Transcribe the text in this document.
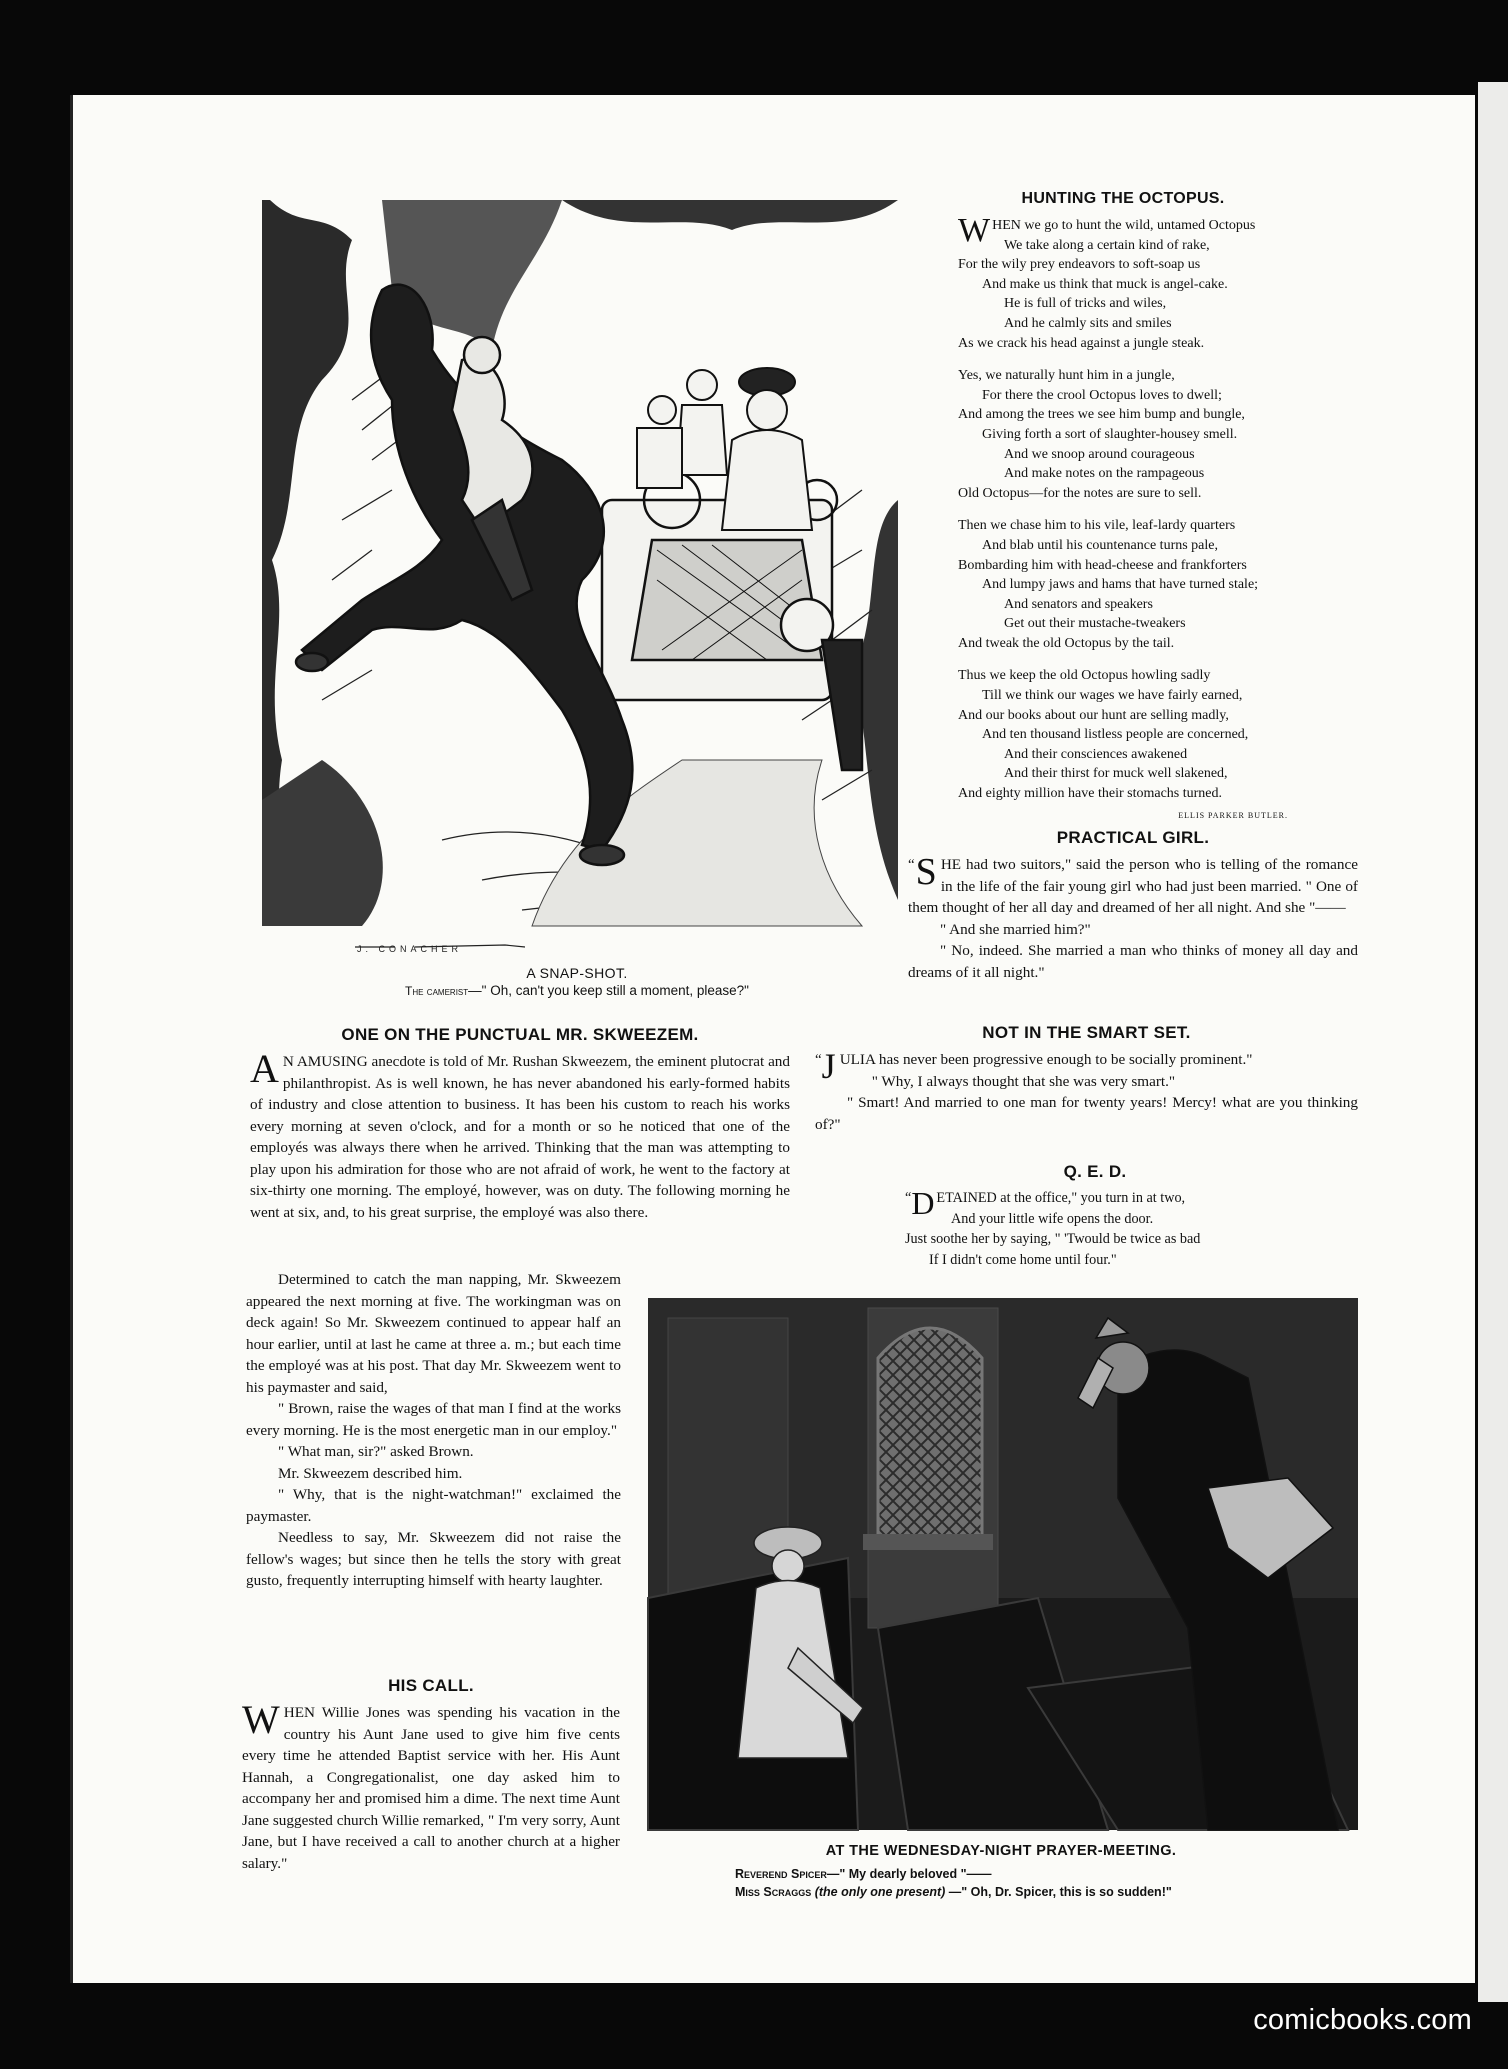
J. CONACHER
A SNAP-SHOT.
The camerist—" Oh, can't you keep still a moment, please?"
HUNTING THE OCTOPUS.

WHEN we go to hunt the wild, untamed Octopus

We take along a certain kind of rake,

For the wily prey endeavors to soft-soap us

And make us think that muck is angel-cake.

He is full of tricks and wiles,

And he calmly sits and smiles

As we crack his head against a jungle steak.

Yes, we naturally hunt him in a jungle,

For there the crool Octopus loves to dwell;

And among the trees we see him bump and bungle,

Giving forth a sort of slaughter-housey smell.

And we snoop around courageous

And make notes on the rampageous

Old Octopus—for the notes are sure to sell.

Then we chase him to his vile, leaf-lardy quarters

And blab until his countenance turns pale,

Bombarding him with head-cheese and frankforters

And lumpy jaws and hams that have turned stale;

And senators and speakers

Get out their mustache-tweakers

And tweak the old Octopus by the tail.

Thus we keep the old Octopus howling sadly

Till we think our wages we have fairly earned,

And our books about our hunt are selling madly,

And ten thousand listless people are concerned,

And their consciences awakened

And their thirst for muck well slakened,

And eighty million have their stomachs turned.

ELLIS PARKER BUTLER.
PRACTICAL GIRL.

“ S HE had two suitors," said the person who is telling of the romance in the life of the fair young girl who had just been married. " One of them thought of her all day and dreamed of her all night. And she "——

" And she married him?"

" No, indeed. She married a man who thinks of money all day and dreams of it all night."

NOT IN THE SMART SET.

“ J ULIA has never been progressive enough to be socially prominent."

" Why, I always thought that she was very smart."

" Smart! And married to one man for twenty years! Mercy! what are you thinking of?"

Q. E. D.

“ D ETAINED at the office," you turn in at two,

And your little wife opens the door.

Just soothe her by saying, " 'Twould be twice as bad

If I didn't come home until four."

ONE ON THE PUNCTUAL MR. SKWEEZEM.

A N AMUSING anecdote is told of Mr. Rushan Skweezem, the eminent plutocrat and philanthropist. As is well known, he has never abandoned his early-formed habits of industry and close attention to business. It has been his custom to reach his works every morning at seven o'clock, and for a month or so he noticed that one of the employés was always there when he arrived. Thinking that the man was attempting to play upon his admiration for those who are not afraid of work, he went to the factory at six-thirty one morning. The employé, however, was on duty. The following morning he went at six, and, to his great surprise, the employé was also there.

Determined to catch the man napping, Mr. Skweezem appeared the next morning at five. The workingman was on deck again! So Mr. Skweezem continued to appear half an hour earlier, until at last he came at three a. m.; but each time the employé was at his post. That day Mr. Skweezem went to his paymaster and said,

" Brown, raise the wages of that man I find at the works every morning. He is the most energetic man in our employ."

" What man, sir?" asked Brown.

Mr. Skweezem described him.

" Why, that is the night-watchman!" exclaimed the paymaster.

Needless to say, Mr. Skweezem did not raise the fellow's wages; but since then he tells the story with great gusto, frequently interrupting himself with hearty laughter.

HIS CALL.

WHEN Willie Jones was spending his vacation in the country his Aunt Jane used to give him five cents every time he attended Baptist service with her. His Aunt Hannah, a Congregationalist, one day asked him to accompany her and promised him a dime. The next time Aunt Jane suggested church Willie remarked, " I'm very sorry, Aunt Jane, but I have received a call to another church at a higher salary."

AT THE WEDNESDAY-NIGHT PRAYER-MEETING.
Reverend Spicer—" My dearly beloved "——
Miss Scraggs (the only one present) —" Oh, Dr. Spicer, this is so sudden!"
comicbooks.com
